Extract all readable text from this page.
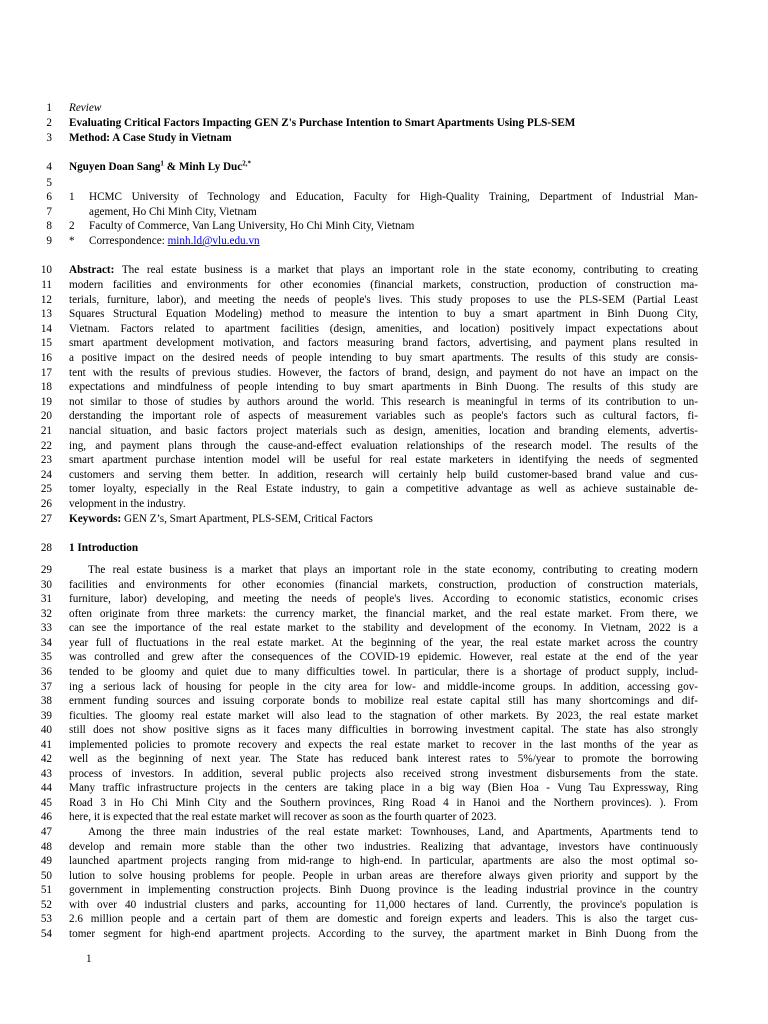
1 Review
2 Evaluating Critical Factors Impacting GEN Z's Purchase Intention to Smart Apartments Using PLS-SEM
3 Method: A Case Study in Vietnam
4 Nguyen Doan Sang$^1$ & Minh Ly Duc$^{2,*}$
5
6 1 HCMC University of Technology and Education, Faculty for High-Quality Training, Department of Industrial Man-
7	agement, Ho Chi Minh City, Vietnam
8 2 Faculty of Commerce, Van Lang University, Ho Chi Minh City, Vietnam
9 * Correspondence: minh.ld@vlu.edu.vn
10 Abstract: The real estate business is a market that plays an important role in the state economy, contributing to creating
11 modern facilities and environments for other economies (financial markets, construction, production of construction ma-
12 terials, furniture, labor), and meeting the needs of people's lives. This study proposes to use the PLS-SEM (Partial Least
13 Squares Structural Equation Modeling) method to measure the intention to buy a smart apartment in Binh Duong City,
14 Vietnam. Factors related to apartment facilities (design, amenities, and location) positively impact expectations about
15 smart apartment development motivation, and factors measuring brand factors, advertising, and payment plans resulted in
16 a positive impact on the desired needs of people intending to buy smart apartments. The results of this study are consis-
17 tent with the results of previous studies. However, the factors of brand, design, and payment do not have an impact on the
18 expectations and mindfulness of people intending to buy smart apartments in Binh Duong. The results of this study are
19 not similar to those of studies by authors around the world. This research is meaningful in terms of its contribution to un-
20 derstanding the important role of aspects of measurement variables such as people's factors such as cultural factors, fi-
21 nancial situation, and basic factors project materials such as design, amenities, location and branding elements, advertis-
22 ing, and payment plans through the cause-and-effect evaluation relationships of the research model. The results of the
23 smart apartment purchase intention model will be useful for real estate marketers in identifying the needs of segmented
24 customers and serving them better. In addition, research will certainly help build customer-based brand value and cus-
25 tomer loyalty, especially in the Real Estate industry, to gain a competitive advantage as well as achieve sustainable de-
26 velopment in the industry.
27 Keywords: GEN Z’s, Smart Apartment, PLS-SEM, Critical Factors
28 1 Introduction
29	The real estate business is a market that plays an important role in the state economy, contributing to creating modern
30 facilities and environments for other economies (financial markets, construction, production of construction materials,
31 furniture, labor) developing, and meeting the needs of people's lives. According to economic statistics, economic crises
32 often originate from three markets: the currency market, the financial market, and the real estate market. From there, we
33 can see the importance of the real estate market to the stability and development of the economy. In Vietnam, 2022 is a
34 year full of fluctuations in the real estate market. At the beginning of the year, the real estate market across the country
35 was controlled and grew after the consequences of the COVID-19 epidemic. However, real estate at the end of the year
36 tended to be gloomy and quiet due to many difficulties towel. In particular, there is a shortage of product supply, includ-
37 ing a serious lack of housing for people in the city area for low- and middle-income groups. In addition, accessing gov-
38 ernment funding sources and issuing corporate bonds to mobilize real estate capital still has many shortcomings and dif-
39 ficulties. The gloomy real estate market will also lead to the stagnation of other markets. By 2023, the real estate market
40 still does not show positive signs as it faces many difficulties in borrowing investment capital. The state has also strongly
41 implemented policies to promote recovery and expects the real estate market to recover in the last months of the year as
42 well as the beginning of next year. The State has reduced bank interest rates to 5%/year to promote the borrowing
43 process of investors. In addition, several public projects also received strong investment disbursements from the state.
44 Many traffic infrastructure projects in the centers are taking place in a big way (Bien Hoa - Vung Tau Expressway, Ring
45 Road 3 in Ho Chi Minh City and the Southern provinces, Ring Road 4 in Hanoi and the Northern provinces). ). From
46 here, it is expected that the real estate market will recover as soon as the fourth quarter of 2023.
47	Among the three main industries of the real estate market: Townhouses, Land, and Apartments, Apartments tend to
48 develop and remain more stable than the other two industries. Realizing that advantage, investors have continuously
49 launched apartment projects ranging from mid-range to high-end. In particular, apartments are also the most optimal so-
50 lution to solve housing problems for people. People in urban areas are therefore always given priority and support by the
51 government in implementing construction projects. Binh Duong province is the leading industrial province in the country
52 with over 40 industrial clusters and parks, accounting for 11,000 hectares of land. Currently, the province's population is
53 2.6 million people and a certain part of them are domestic and foreign experts and leaders. This is also the target cus-
54 tomer segment for high-end apartment projects. According to the survey, the apartment market in Binh Duong from the
1
